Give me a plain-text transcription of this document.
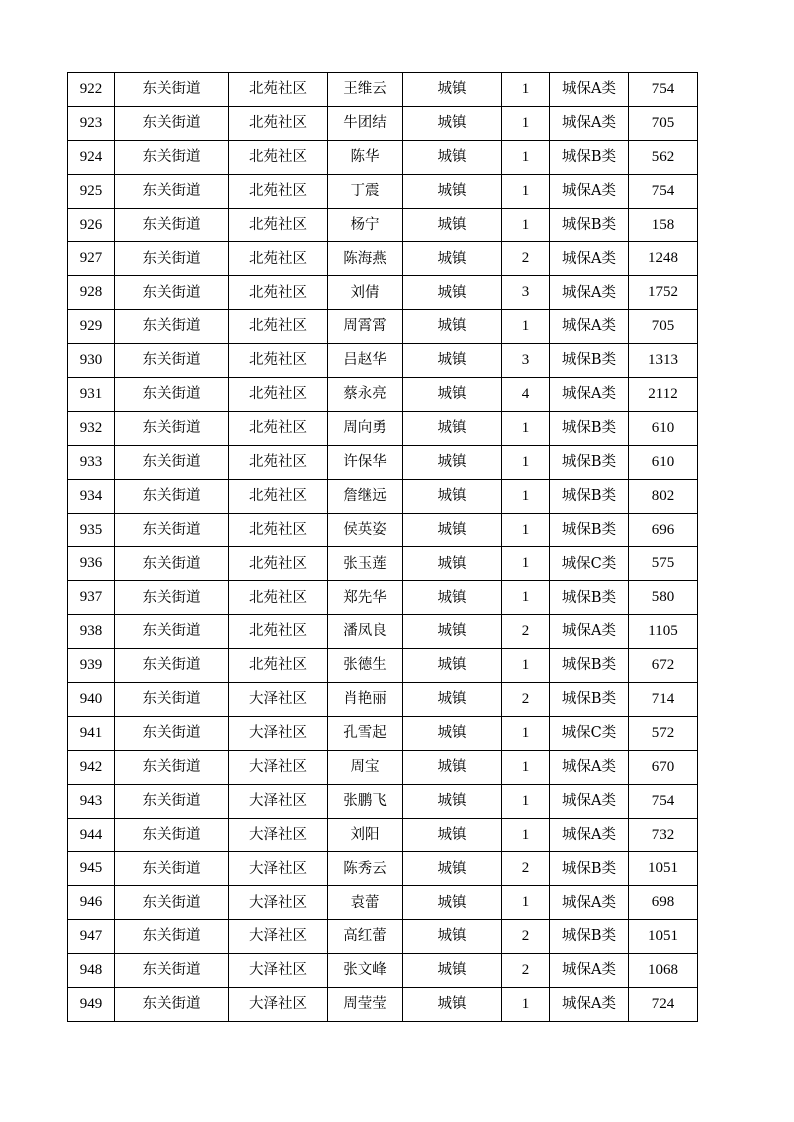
922	东关街道	北苑社区	王维云	城镇	1	城保A类	754
923	东关街道	北苑社区	牛团结	城镇	1	城保A类	705
924	东关街道	北苑社区	陈华	城镇	1	城保B类	562
925	东关街道	北苑社区	丁震	城镇	1	城保A类	754
926	东关街道	北苑社区	杨宁	城镇	1	城保B类	158
927	东关街道	北苑社区	陈海燕	城镇	2	城保A类	1248
928	东关街道	北苑社区	刘倩	城镇	3	城保A类	1752
929	东关街道	北苑社区	周霄霄	城镇	1	城保A类	705
930	东关街道	北苑社区	吕赵华	城镇	3	城保B类	1313
931	东关街道	北苑社区	蔡永亮	城镇	4	城保A类	2112
932	东关街道	北苑社区	周向勇	城镇	1	城保B类	610
933	东关街道	北苑社区	许保华	城镇	1	城保B类	610
934	东关街道	北苑社区	詹继远	城镇	1	城保B类	802
935	东关街道	北苑社区	侯英姿	城镇	1	城保B类	696
936	东关街道	北苑社区	张玉莲	城镇	1	城保C类	575
937	东关街道	北苑社区	郑先华	城镇	1	城保B类	580
938	东关街道	北苑社区	潘凤良	城镇	2	城保A类	1105
939	东关街道	北苑社区	张德生	城镇	1	城保B类	672
940	东关街道	大泽社区	肖艳丽	城镇	2	城保B类	714
941	东关街道	大泽社区	孔雪起	城镇	1	城保C类	572
942	东关街道	大泽社区	周宝	城镇	1	城保A类	670
943	东关街道	大泽社区	张鹏飞	城镇	1	城保A类	754
944	东关街道	大泽社区	刘阳	城镇	1	城保A类	732
945	东关街道	大泽社区	陈秀云	城镇	2	城保B类	1051
946	东关街道	大泽社区	袁蕾	城镇	1	城保A类	698
947	东关街道	大泽社区	高红蕾	城镇	2	城保B类	1051
948	东关街道	大泽社区	张文峰	城镇	2	城保A类	1068
949	东关街道	大泽社区	周莹莹	城镇	1	城保A类	724
